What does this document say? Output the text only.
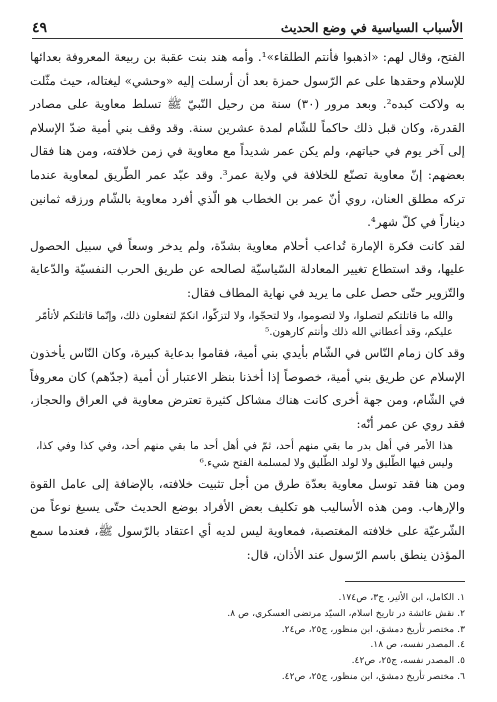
الأسباب السياسية في وضع الحديث
٤٩

الفتح، وقال لهم: «اذهبوا فأنتم الطلقاء»¹. وأمه هند بنت عقبة بن ربيعة المعروفة بعدائها للإسلام وحقدها على عم الرّسول حمزة بعد أن أرسلت إليه «وحشي» ليغتاله، حيث مثّلت به ولاكت كبده². وبعد مرور (٣٠) سنة من رحيل النّبيّ ﷺ تسلط معاوية على مصادر القدرة، وكان قبل ذلك حاكماً للشّام لمدة عشرين سنة. وقد وقف بني أمية ضدّ الإسلام إلى آخر يوم في حياتهم، ولم يكن عمر شديداً مع معاوية في زمن خلافته، ومن هنا فقال بعضهم: إنّ معاوية تصنّع للخلافة في ولاية عمر³. وقد عبّد عمر الطّريق لمعاوية عندما تركه مطلق العنان، روي أنّ عمر بن الخطاب هو الّذي أفرد معاوية بالشّام ورزقه ثمانين ديناراً في كلّ شهر⁴.

لقد كانت فكرة الإمارة تُداعب أحلام معاوية بشدّة، ولم يدخر وسعاً في سبيل الحصول عليها، وقد استطاع تغيير المعادلة السّياسيّة لصالحه عن طريق الحرب النفسيّة والدّعاية والتّزوير حتّى حصل على ما يريد في نهاية المطاف فقال:

والله ما قاتلتكم لتصلوا، ولا لتصوموا، ولا لتحجّوا، ولا لتزكّوا، انكمّ لتفعلون ذلك، وإنّما قاتلتكم لأتأمّر عليكم، وقد أعطاني الله ذلك وأنتم كارهون.⁵

وقد كان زمام النّاس في الشّام بأيدي بني أمية، فقاموا بدعاية كبيرة، وكان النّاس يأخذون الإسلام عن طريق بني أمية، خصوصاً إذا أخذنا بنظر الاعتبار أن أمية (جدّهم) كان معروفاً في الشّام، ومن جهة أخرى كانت هناك مشاكل كثيرة تعترض معاوية في العراق والحجاز، فقد روي عن عمر أنّه:

هذا الأمر في أهل بدر ما بقي منهم أحد، ثمّ في أهل أحد ما بقي منهم أحد، وفي كذا وفي كذا، وليس فيها الطّليق ولا لولد الطّليق ولا لمسلمة الفتح شيء.⁶

ومن هنا فقد توسل معاوية بعدّة طرق من أجل تثبيت خلافته، بالإضافة إلى عامل القوة والإرهاب. ومن هذه الأساليب هو تكليف بعض الأفراد بوضع الحديث حتّى يسبغ نوعاً من الشّرعيّة على خلافته المغتصبة، فمعاوية ليس لديه أي اعتقاد بالرّسول ﷺ، فعندما سمع المؤذن ينطق باسم الرّسول عند الأذان، قال:

١. الكامل، ابن الأثير، ج٣، ص١٧٤.

٢. نقش عائشة در تاريخ اسلام، السيّد مرتضى العسكري، ص ٨.

٣. مختصر تأريخ دمشق، ابن منظور، ج٢٥، ص٢٤.

٤. المصدر نفسه، ص ١٨.

٥. المصدر نفسه، ج٢٥، ص٤٢.

٦. مختصر تأريخ دمشق، ابن منظور، ج٢٥، ص٤٢.
